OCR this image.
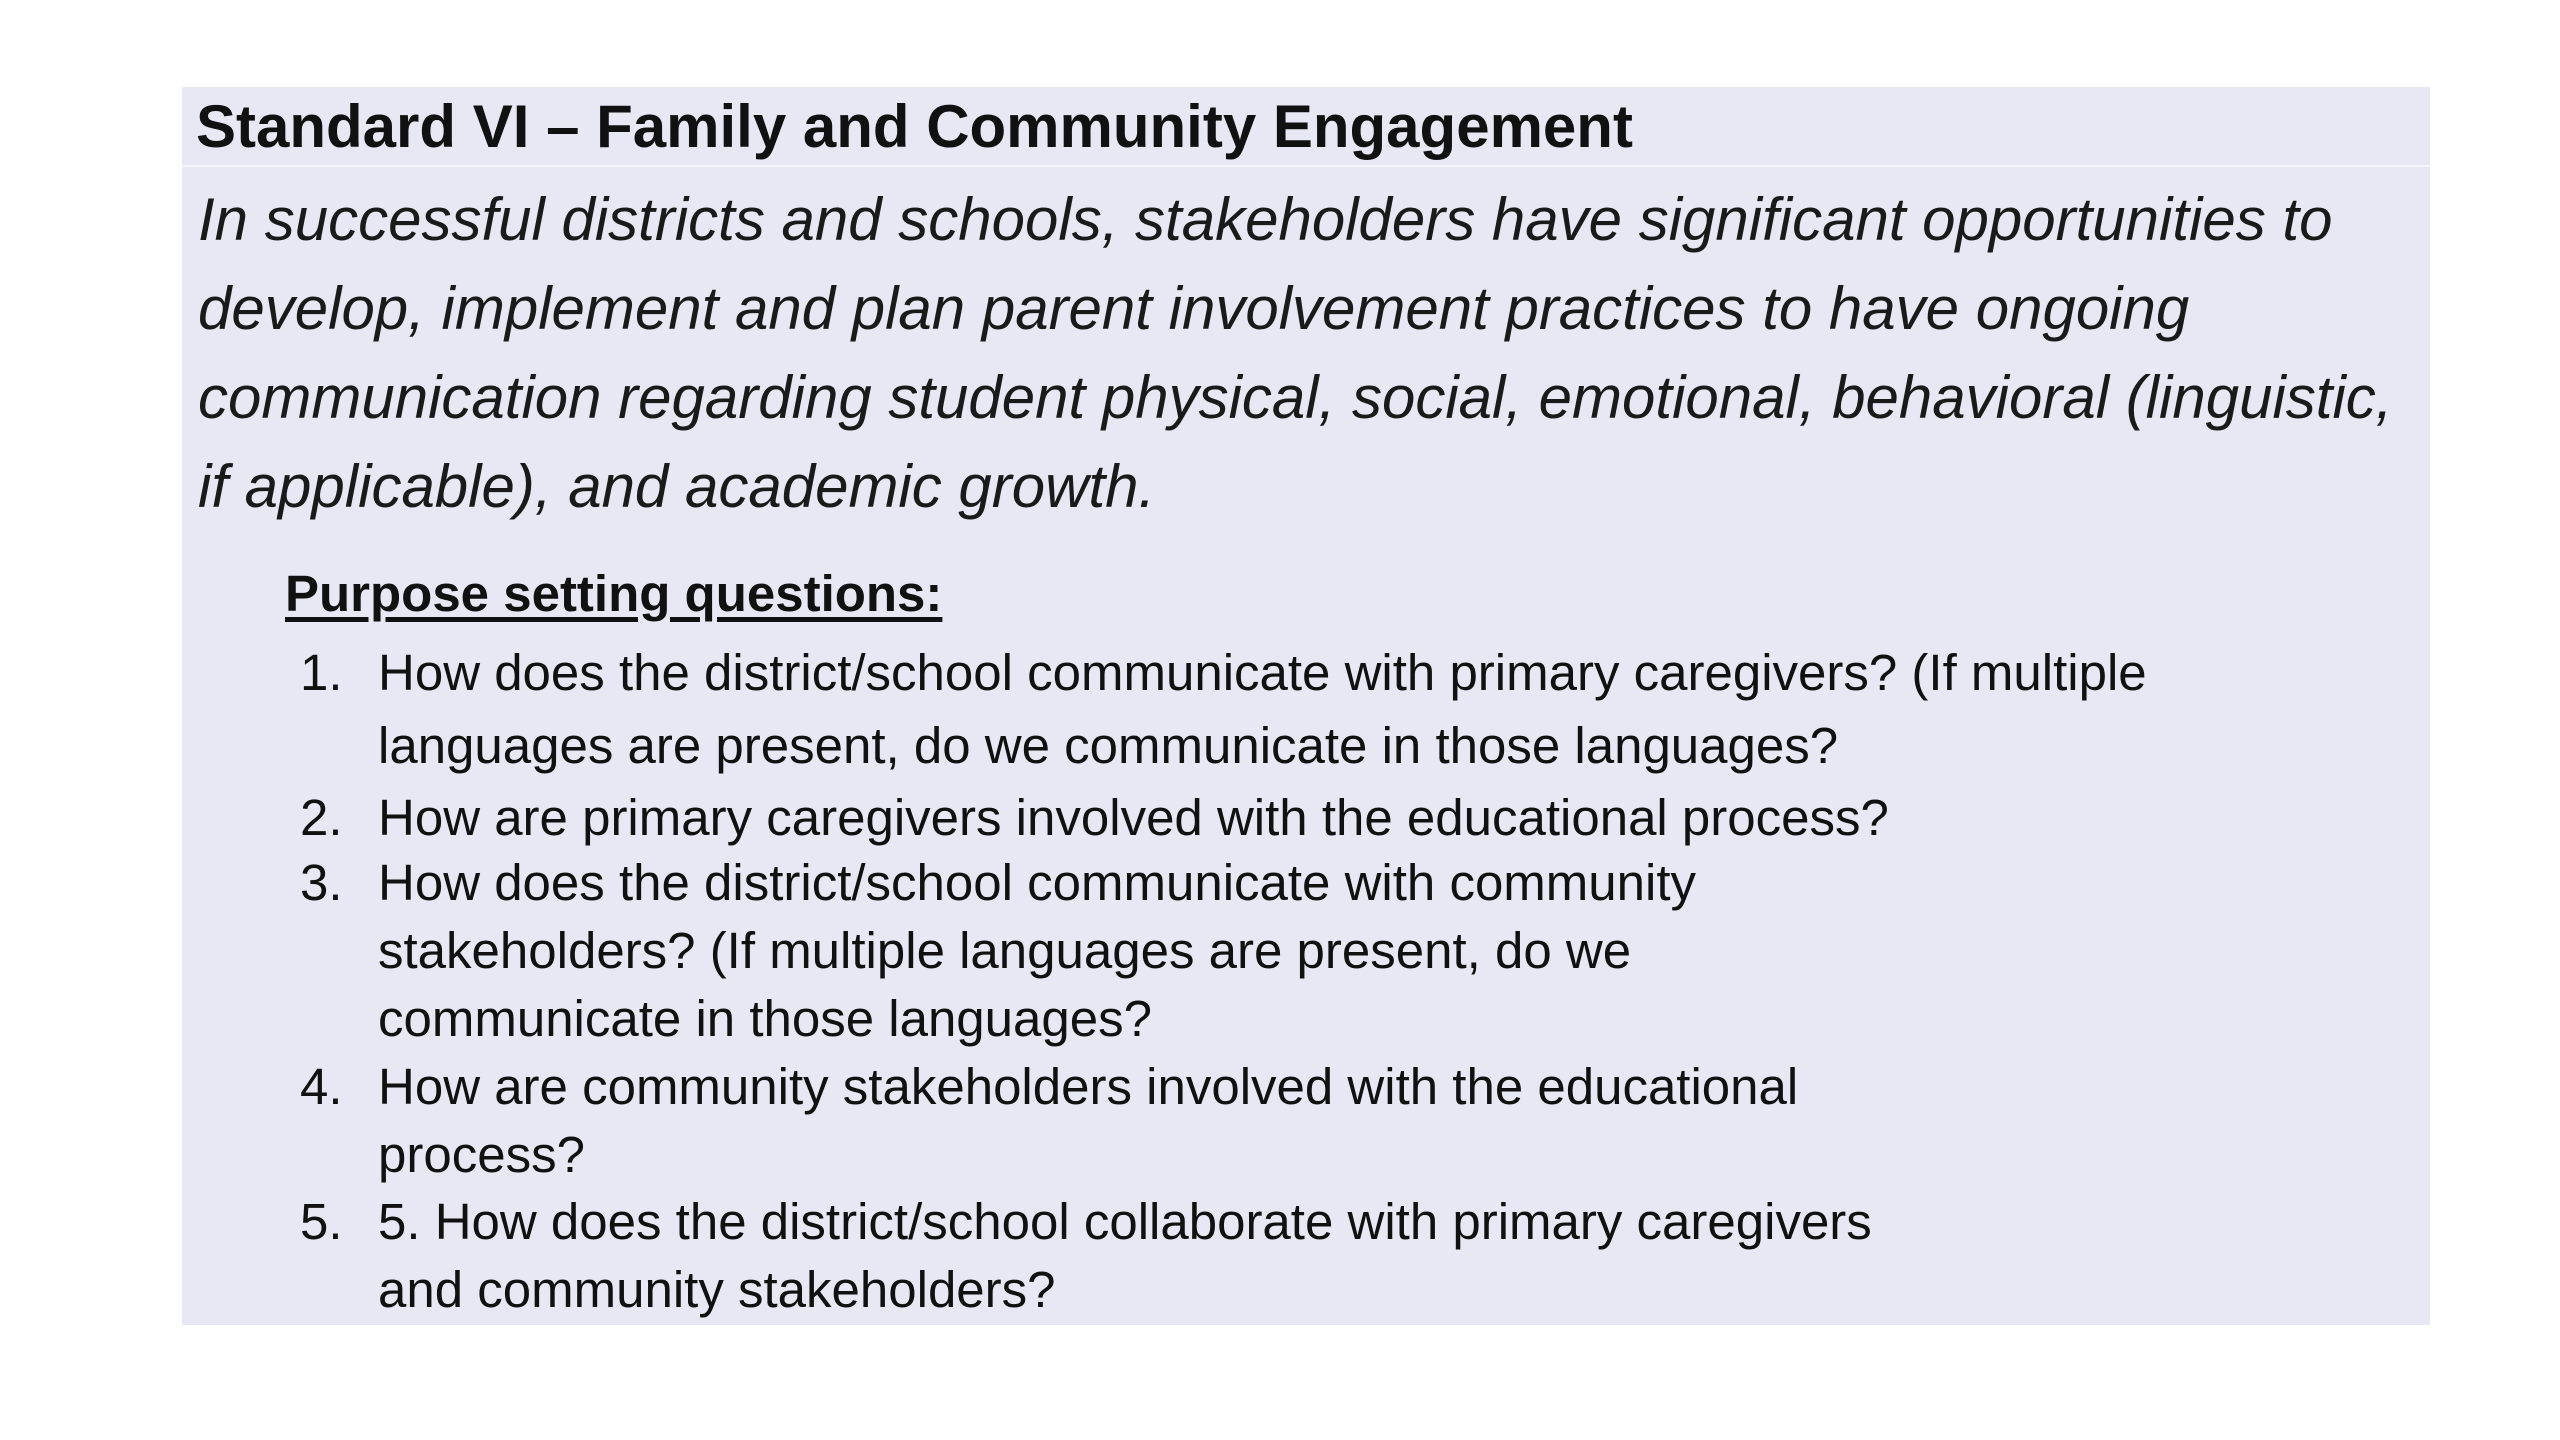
Standard VI – Family and Community Engagement

In successful districts and schools, stakeholders have significant opportunities to develop, implement and plan parent involvement practices to have ongoing communication regarding student physical, social, emotional, behavioral (linguistic, if applicable), and academic growth.

Purpose setting questions:
1. How does the district/school communicate with primary caregivers? (If multiple
languages are present, do we communicate in those languages?
2. How are primary caregivers involved with the educational process?
3. How does the district/school communicate with community
stakeholders? (If multiple languages are present, do we
communicate in those languages?
4. How are community stakeholders involved with the educational
process?
5. 5. How does the district/school collaborate with primary caregivers
and community stakeholders?
